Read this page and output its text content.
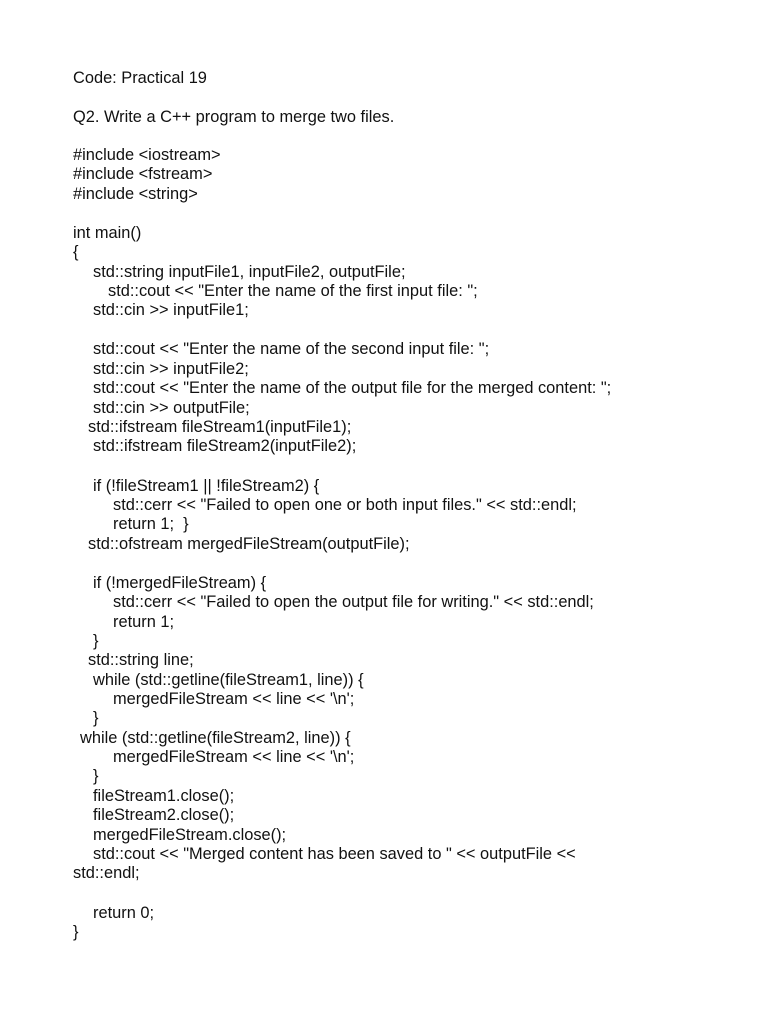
Code: Practical 19
Q2. Write a C++ program to merge two files.
#include <iostream>
#include <fstream>
#include <string>
int main()
{
std::string inputFile1, inputFile2, outputFile;
std::cout << "Enter the name of the first input file: ";
std::cin >> inputFile1;
std::cout << "Enter the name of the second input file: ";
std::cin >> inputFile2;
std::cout << "Enter the name of the output file for the merged content: ";
std::cin >> outputFile;
std::ifstream fileStream1(inputFile1);
std::ifstream fileStream2(inputFile2);
if (!fileStream1 || !fileStream2) {
std::cerr << "Failed to open one or both input files." << std::endl;
return 1;  }
std::ofstream mergedFileStream(outputFile);
if (!mergedFileStream) {
std::cerr << "Failed to open the output file for writing." << std::endl;
return 1;
}
std::string line;
while (std::getline(fileStream1, line)) {
mergedFileStream << line << '\n';
}
while (std::getline(fileStream2, line)) {
mergedFileStream << line << '\n';
}
fileStream1.close();
fileStream2.close();
mergedFileStream.close();
std::cout << "Merged content has been saved to " << outputFile <<
std::endl;
return 0;
}
